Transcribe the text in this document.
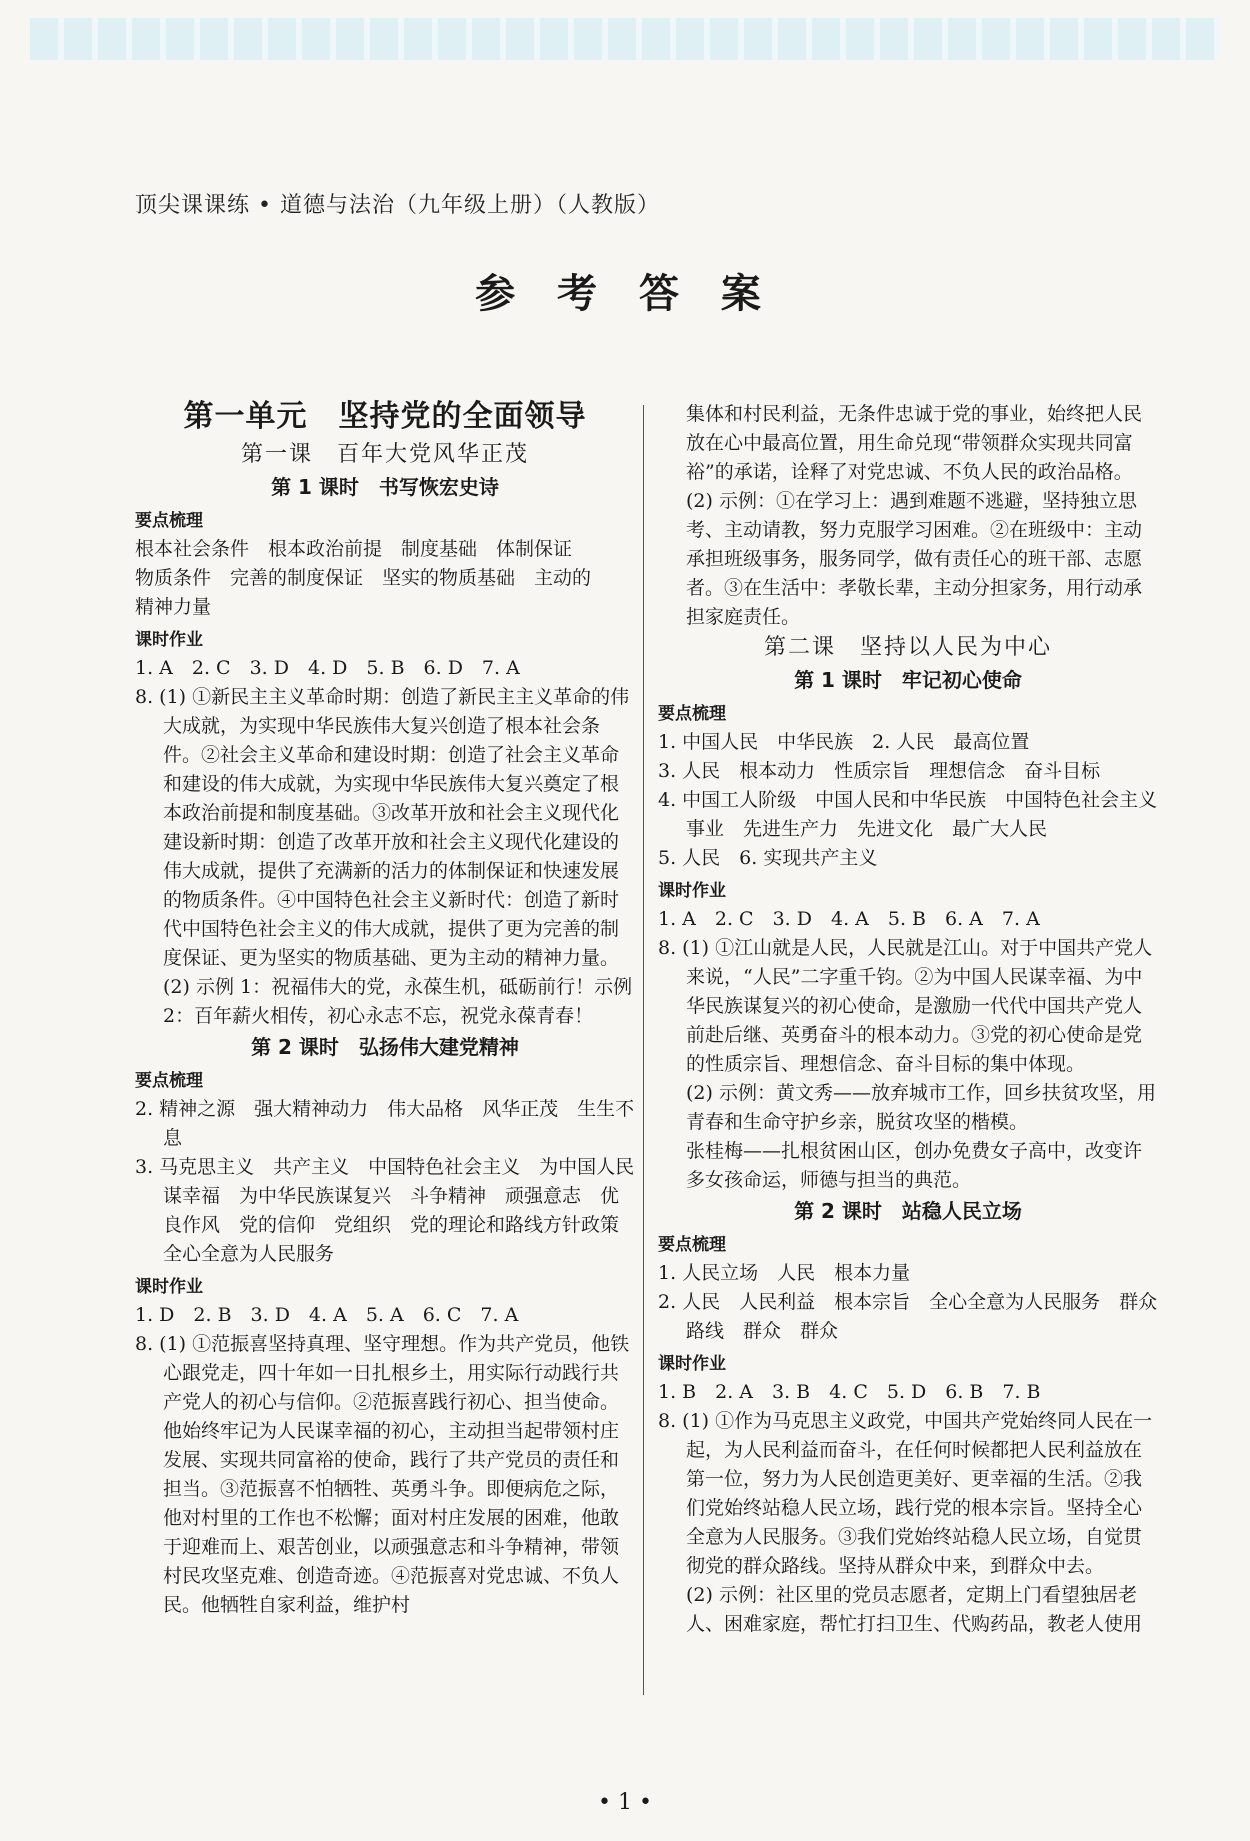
顶尖课课练 • 道德与法治（九年级上册）（人教版）
参 考 答 案
第一单元　坚持党的全面领导
第一课　百年大党风华正茂
第 1 课时　书写恢宏史诗
要点梳理
根本社会条件　根本政治前提　制度基础　体制保证
物质条件　完善的制度保证　坚实的物质基础　主动的
精神力量
课时作业
1. A　2. C　3. D　4. D　5. B　6. D　7. A
8. (1) ①新民主主义革命时期：创造了新民主主义革命的伟大成就，为实现中华民族伟大复兴创造了根本社会条件。②社会主义革命和建设时期：创造了社会主义革命和建设的伟大成就，为实现中华民族伟大复兴奠定了根本政治前提和制度基础。③改革开放和社会主义现代化建设新时期：创造了改革开放和社会主义现代化建设的伟大成就，提供了充满新的活力的体制保证和快速发展的物质条件。④中国特色社会主义新时代：创造了新时代中国特色社会主义的伟大成就，提供了更为完善的制度保证、更为坚实的物质基础、更为主动的精神力量。
(2) 示例 1：祝福伟大的党，永葆生机，砥砺前行！示例 2：百年薪火相传，初心永志不忘，祝党永葆青春！
第 2 课时　弘扬伟大建党精神
要点梳理
2. 精神之源　强大精神动力　伟大品格　风华正茂　生生不息
3. 马克思主义　共产主义　中国特色社会主义　为中国人民谋幸福　为中华民族谋复兴　斗争精神　顽强意志　优良作风　党的信仰　党组织　党的理论和路线方针政策　全心全意为人民服务
课时作业
1. D　2. B　3. D　4. A　5. A　6. C　7. A
8. (1) ①范振喜坚持真理、坚守理想。作为共产党员，他铁心跟党走，四十年如一日扎根乡土，用实际行动践行共产党人的初心与信仰。②范振喜践行初心、担当使命。他始终牢记为人民谋幸福的初心，主动担当起带领村庄发展、实现共同富裕的使命，践行了共产党员的责任和担当。③范振喜不怕牺牲、英勇斗争。即便病危之际，他对村里的工作也不松懈；面对村庄发展的困难，他敢于迎难而上、艰苦创业，以顽强意志和斗争精神，带领村民攻坚克难、创造奇迹。④范振喜对党忠诚、不负人民。他牺牲自家利益，维护村
集体和村民利益，无条件忠诚于党的事业，始终把人民放在心中最高位置，用生命兑现“带领群众实现共同富裕”的承诺，诠释了对党忠诚、不负人民的政治品格。
(2) 示例：①在学习上：遇到难题不逃避，坚持独立思考、主动请教，努力克服学习困难。②在班级中：主动承担班级事务，服务同学，做有责任心的班干部、志愿者。③在生活中：孝敬长辈，主动分担家务，用行动承担家庭责任。
第二课　坚持以人民为中心
第 1 课时　牢记初心使命
要点梳理
1. 中国人民　中华民族　2. 人民　最高位置
3. 人民　根本动力　性质宗旨　理想信念　奋斗目标
4. 中国工人阶级　中国人民和中华民族　中国特色社会主义事业　先进生产力　先进文化　最广大人民
5. 人民　6. 实现共产主义
课时作业
1. A　2. C　3. D　4. A　5. B　6. A　7. A
8. (1) ①江山就是人民，人民就是江山。对于中国共产党人来说，“人民”二字重千钧。②为中国人民谋幸福、为中华民族谋复兴的初心使命，是激励一代代中国共产党人前赴后继、英勇奋斗的根本动力。③党的初心使命是党的性质宗旨、理想信念、奋斗目标的集中体现。
(2) 示例：黄文秀——放弃城市工作，回乡扶贫攻坚，用青春和生命守护乡亲，脱贫攻坚的楷模。
张桂梅——扎根贫困山区，创办免费女子高中，改变许多女孩命运，师德与担当的典范。
第 2 课时　站稳人民立场
要点梳理
1. 人民立场　人民　根本力量
2. 人民　人民利益　根本宗旨　全心全意为人民服务　群众路线　群众　群众
课时作业
1. B　2. A　3. B　4. C　5. D　6. B　7. B
8. (1) ①作为马克思主义政党，中国共产党始终同人民在一起，为人民利益而奋斗，在任何时候都把人民利益放在第一位，努力为人民创造更美好、更幸福的生活。②我们党始终站稳人民立场，践行党的根本宗旨。坚持全心全意为人民服务。③我们党始终站稳人民立场，自觉贯彻党的群众路线。坚持从群众中来，到群众中去。
(2) 示例：社区里的党员志愿者，定期上门看望独居老人、困难家庭，帮忙打扫卫生、代购药品，教老人使用
• 1 •
